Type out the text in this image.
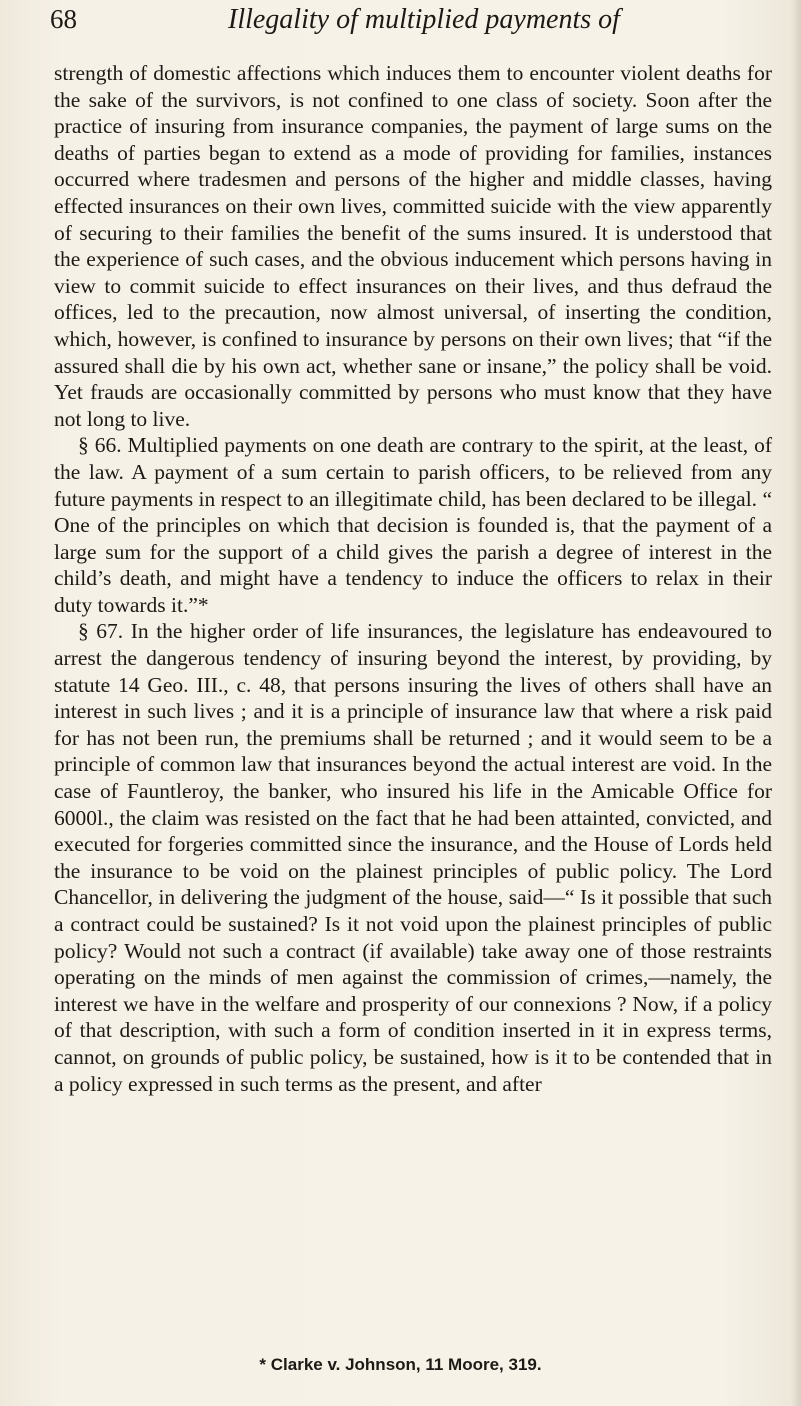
68	Illegality of multiplied payments of

strength of domestic affections which induces them to encounter violent deaths for the sake of the survivors, is not confined to one class of society. Soon after the practice of insuring from insurance companies, the payment of large sums on the deaths of parties began to extend as a mode of providing for families, instances occurred where tradesmen and persons of the higher and middle classes, having effected insurances on their own lives, committed suicide with the view apparently of securing to their families the benefit of the sums insured. It is understood that the experience of such cases, and the obvious inducement which persons having in view to commit suicide to effect insurances on their lives, and thus defraud the offices, led to the precaution, now almost universal, of inserting the condition, which, however, is confined to insurance by persons on their own lives; that “if the assured shall die by his own act, whether sane or insane,” the policy shall be void. Yet frauds are occasionally committed by persons who must know that they have not long to live.

§ 66. Multiplied payments on one death are contrary to the spirit, at the least, of the law. A payment of a sum certain to parish officers, to be relieved from any future payments in respect to an illegitimate child, has been declared to be illegal. “ One of the principles on which that decision is founded is, that the payment of a large sum for the support of a child gives the parish a degree of interest in the child’s death, and might have a tendency to induce the officers to relax in their duty towards it.”*

§ 67. In the higher order of life insurances, the legislature has endeavoured to arrest the dangerous tendency of insuring beyond the interest, by providing, by statute 14 Geo. III., c. 48, that persons insuring the lives of others shall have an interest in such lives ; and it is a principle of insurance law that where a risk paid for has not been run, the premiums shall be returned ; and it would seem to be a principle of common law that insurances beyond the actual interest are void. In the case of Fauntleroy, the banker, who insured his life in the Amicable Office for 6000l., the claim was resisted on the fact that he had been attainted, convicted, and executed for forgeries committed since the insurance, and the House of Lords held the insurance to be void on the plainest principles of public policy. The Lord Chancellor, in delivering the judgment of the house, said—“ Is it possible that such a contract could be sustained? Is it not void upon the plainest principles of public policy? Would not such a contract (if available) take away one of those restraints operating on the minds of men against the commission of crimes,—namely, the interest we have in the welfare and prosperity of our connexions ? Now, if a policy of that description, with such a form of condition inserted in it in express terms, cannot, on grounds of public policy, be sustained, how is it to be contended that in a policy expressed in such terms as the present, and after

* Clarke v. Johnson, 11 Moore, 319.
